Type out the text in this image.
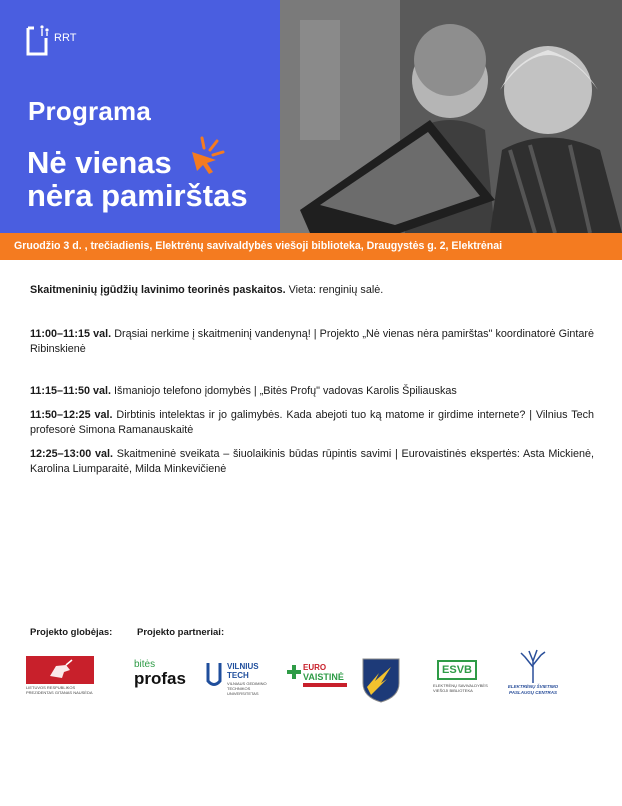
RRT
Programa
Nė vienas
nėra pamirštas
Gruodžio 3 d. , trečiadienis, Elektrėnų savivaldybės viešoji biblioteka, Draugystės g. 2, Elektrėnai

Skaitmeninių įgūdžių lavinimo teorinės paskaitos. Vieta: renginių salė.

11:00–11:15 val. Drąsiai nerkime į skaitmeninį vandenyną! | Projekto „Nė vienas nėra pamirštas" koordinatorė Gintarė Ribinskienė

11:15–11:50 val. Išmaniojo telefono įdomybės | „Bitės Profų" vadovas Karolis Špiliauskas

11:50–12:25 val. Dirbtinis intelektas ir jo galimybės. Kada abejoti tuo ką matome ir girdime internete? | Vilnius Tech profesorė Simona Ramanauskaitė

12:25–13:00 val. Skaitmeninė sveikata – šiuolaikinis būdas rūpintis savimi | Eurovaistinės ekspertės: Asta Mickienė, Karolina Liumparaitė, Milda Minkevičienė

Projekto globėjas:	Projekto partneriai:
LIETUVOS RESPUBLIKOS PREZIDENTAS GITANAS NAUSĖDA
bitės
profas
VILNIUS
TECH
VILNIAUS GEDIMINO TECHNIKOS UNIVERSITETAS
EURO
VAISTINĖ
ESVB
ELEKTRĖNŲ SAVIVALDYBĖS VIEŠOJI BIBLIOTEKA
ELEKTRĖNŲ ŠVIETIMO PASLAUGŲ CENTRAS
